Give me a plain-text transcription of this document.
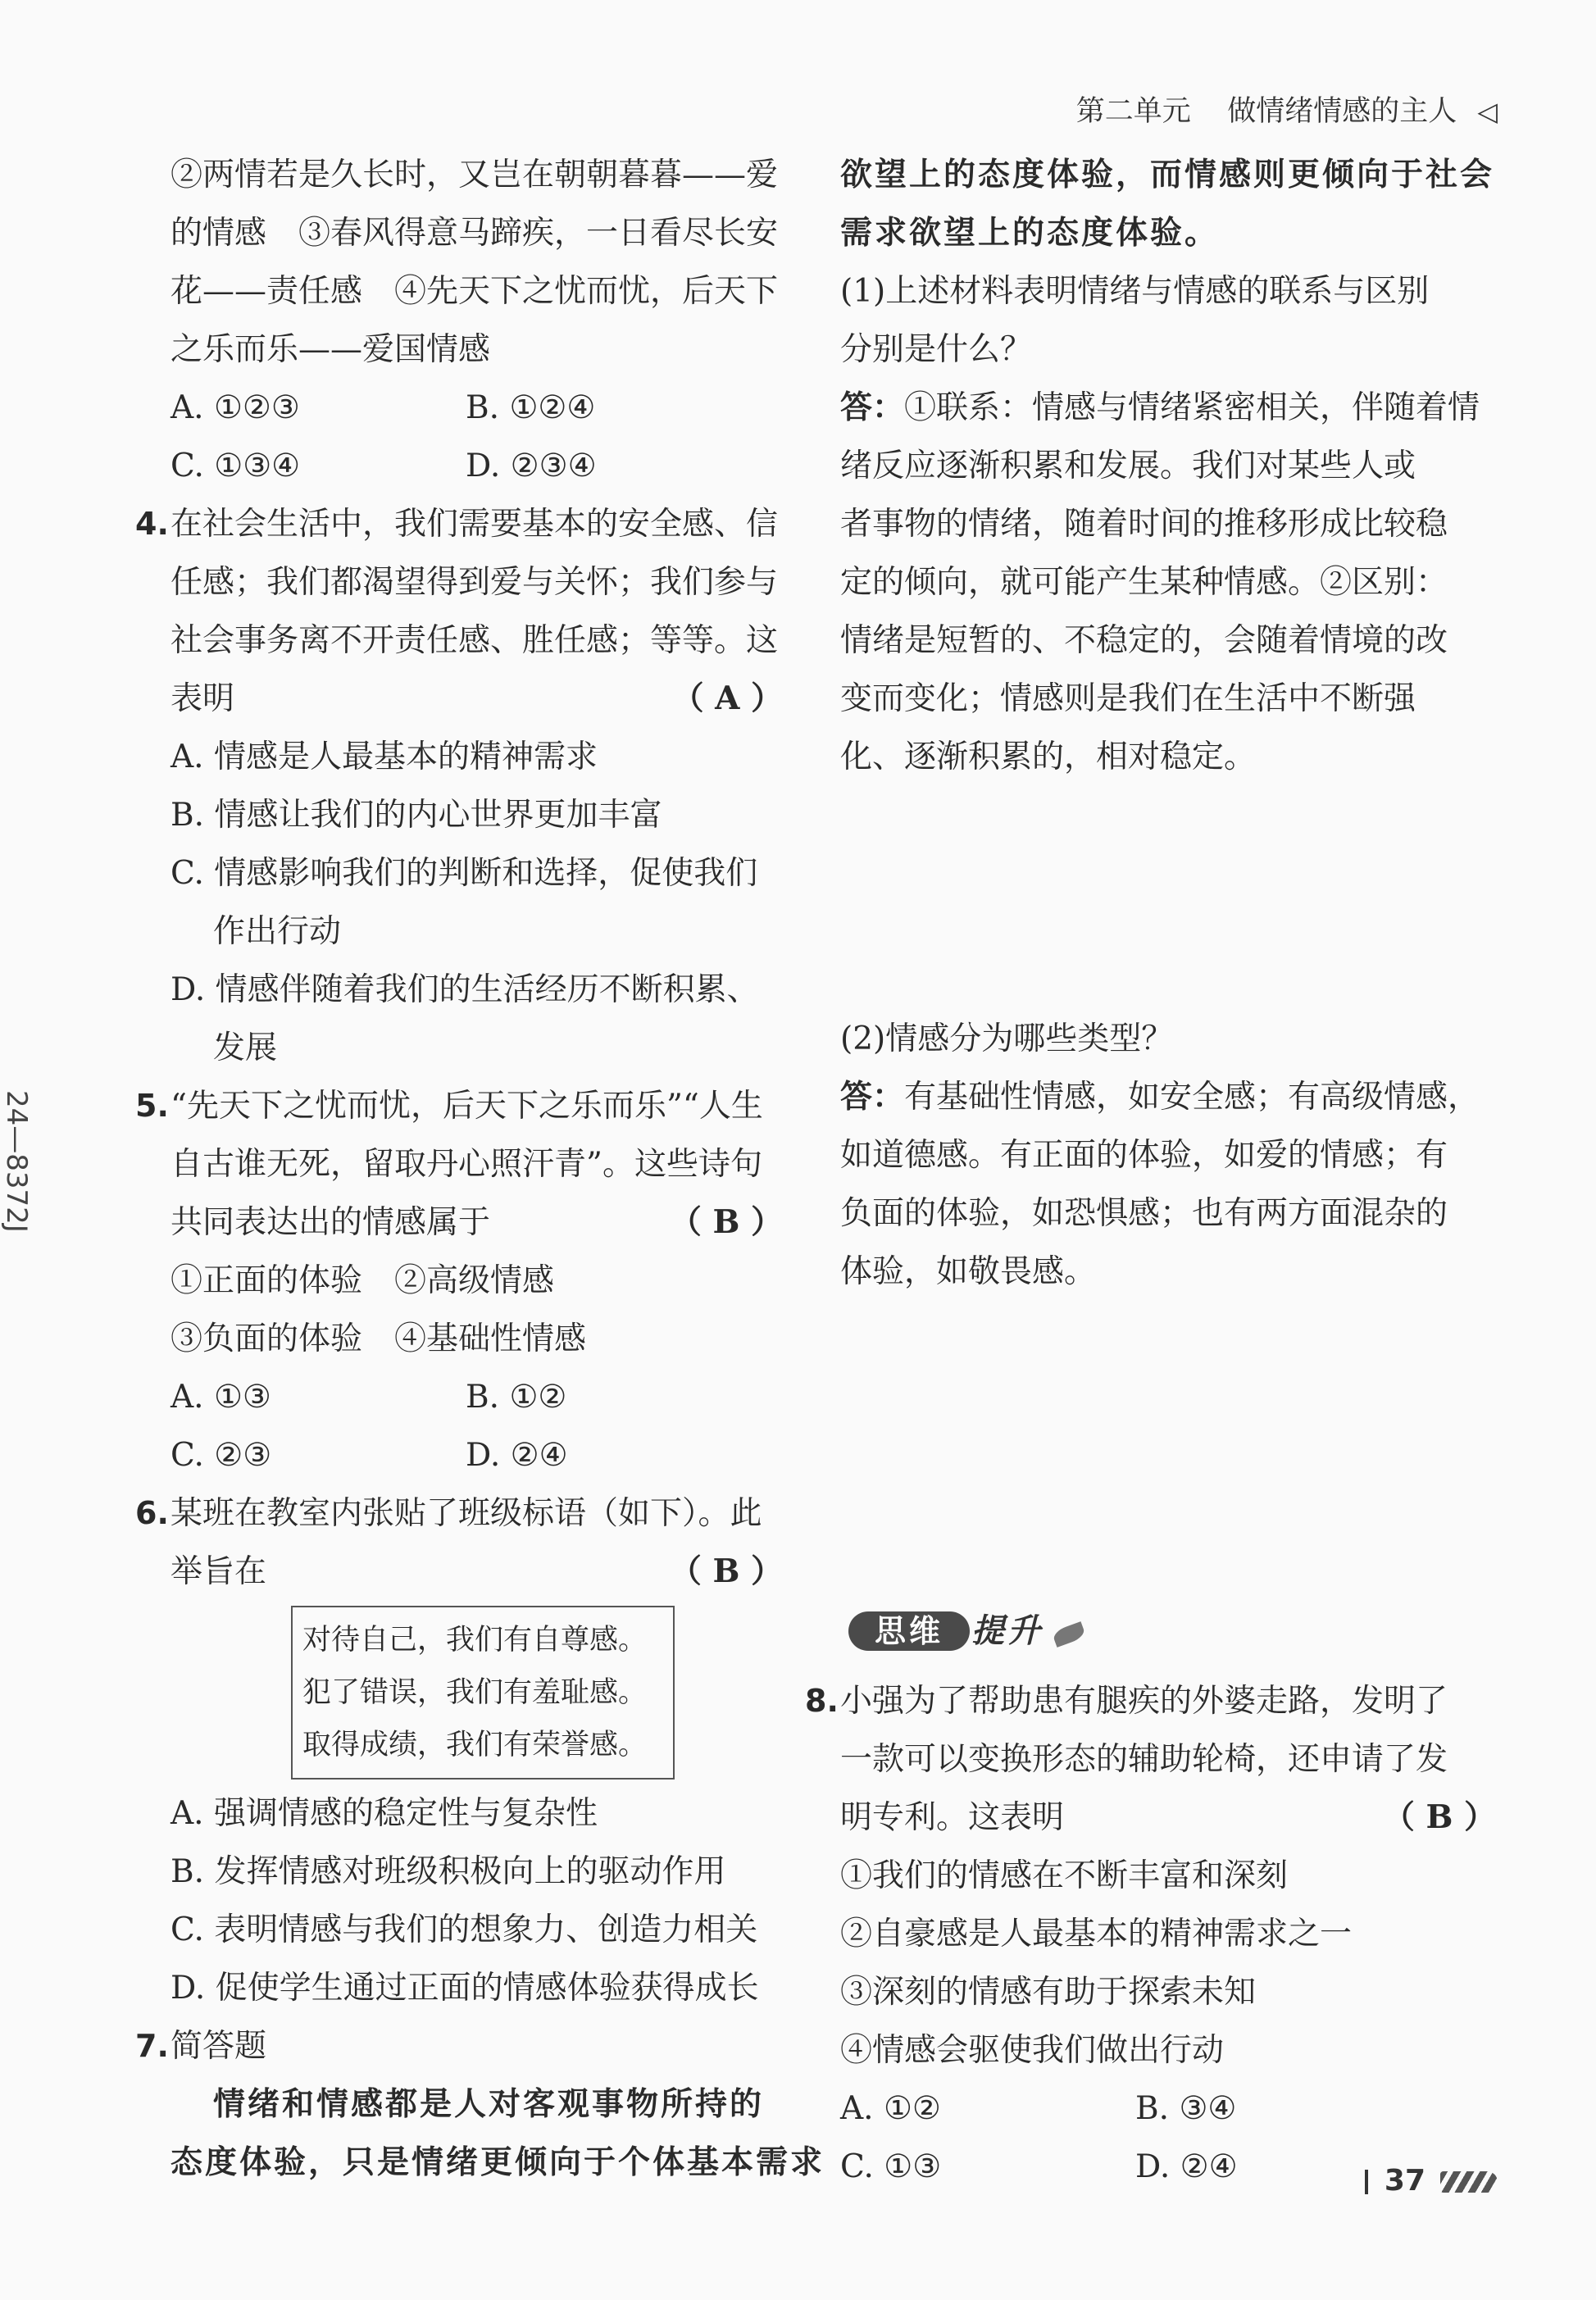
第二单元 做情绪情感的主人 ◁
24—8372J
②两情若是久长时，又岂在朝朝暮暮——爱
的情感　③春风得意马蹄疾，一日看尽长安
花——责任感　④先天下之忧而忧，后天下
之乐而乐——爱国情感
A. ①②③	B. ①②④
C. ①③④	D. ②③④
4.在社会生活中，我们需要基本的安全感、信
任感；我们都渴望得到爱与关怀；我们参与
社会事务离不开责任感、胜任感；等等。这
表明	（ A ）
A. 情感是人最基本的精神需求
B. 情感让我们的内心世界更加丰富
C. 情感影响我们的判断和选择，促使我们
作出行动
D. 情感伴随着我们的生活经历不断积累、
发展
5.“先天下之忧而忧，后天下之乐而乐”“人生
自古谁无死，留取丹心照汗青”。这些诗句
共同表达出的情感属于	（ B ）
①正面的体验　②高级情感
③负面的体验　④基础性情感
A. ①③	B. ①②
C. ②③	D. ②④
6.某班在教室内张贴了班级标语（如下）。此
举旨在	（ B ）
对待自己，我们有自尊感。
犯了错误，我们有羞耻感。
取得成绩，我们有荣誉感。
A. 强调情感的稳定性与复杂性
B. 发挥情感对班级积极向上的驱动作用
C. 表明情感与我们的想象力、创造力相关
D. 促使学生通过正面的情感体验获得成长
7.简答题
情绪和情感都是人对客观事物所持的
态度体验，只是情绪更倾向于个体基本需求
欲望上的态度体验，而情感则更倾向于社会
需求欲望上的态度体验。
(1)上述材料表明情绪与情感的联系与区别
分别是什么？
答：①联系：情感与情绪紧密相关，伴随着情
绪反应逐渐积累和发展。我们对某些人或
者事物的情绪，随着时间的推移形成比较稳
定的倾向，就可能产生某种情感。②区别：
情绪是短暂的、不稳定的，会随着情境的改
变而变化；情感则是我们在生活中不断强
化、逐渐积累的，相对稳定。
(2)情感分为哪些类型？
答：有基础性情感，如安全感；有高级情感，
如道德感。有正面的体验，如爱的情感；有
负面的体验，如恐惧感；也有两方面混杂的
体验，如敬畏感。
思维 提升
8.小强为了帮助患有腿疾的外婆走路，发明了
一款可以变换形态的辅助轮椅，还申请了发
明专利。这表明	（ B ）
①我们的情感在不断丰富和深刻
②自豪感是人最基本的精神需求之一
③深刻的情感有助于探索未知
④情感会驱使我们做出行动
A. ①②	B. ③④
C. ①③	D. ②④	37
